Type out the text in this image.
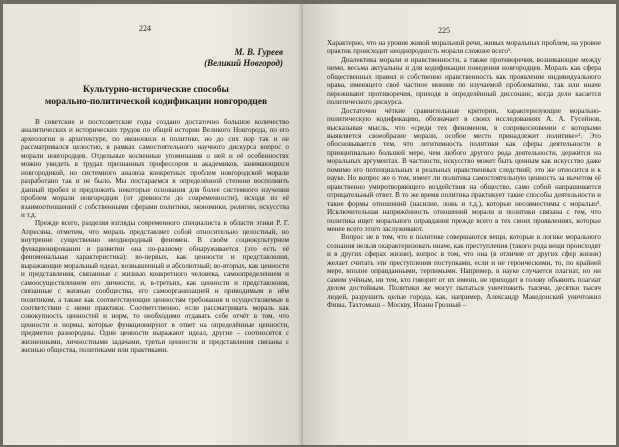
224
М. В. Гуреев
(Великий Новгород)
Культурно-исторические способы
морально-политической кодификации новгородцев

В советские и постсоветские годы создано достаточно большое количество аналитических и исторических трудов по общей истории Великого Новгорода, по его археологии и архитектуре, по иконописи и политике, но до сих пор так и не рассматривался целостно, в рамках самостоятельного научного дискурса вопрос о морали новгородцев. Отдельные косвенные упоминания о ней и её особенностях можно увидеть в трудах признанных профессоров и академиков, занимающихся новгородикой, но системного анализа конкретных проблем новгородской морали разработано так и не было. Мы постараемся в определённой степени восполнить данный пробел и предложить некоторые основания для более системного изучения проблем морали новгородцев (от древности до современности), исходя из её взаимоотношений с собственными сферами политики, экономики, религии, искусства и т.д.

Прежде всего, разделяя взгляды современного специалиста в области этики Р. Г. Апресяна, отметим, что мораль представляет собой относительно целостный, но внутренне существенно неоднородный феномен. В своём социокультурном функционировании и развитии она по-разному обнаруживается (это есть её феноменальная характеристика): во-первых, как ценности и представления, выражающие моральный идеал, возвышенный и абсолютный; во-вторых, как ценности и представления, связанные с жизнью конкретного человека, самоопределением и самоосуществлением его личности, и, в-третьих, как ценности и представления, связанные с жизнью сообщества, его самоорганизацией и приводимым в нём политиком, а также как соответствующие ценностям требования и осуществляемые в соответствии с ними практики. Соответственно, если рассматривать мораль как совокупность ценностей и норм, то необходимо отдавать себе отчёт в том, что ценности и нормы, которые функционируют в ответ на определённые ценности, предметно разнородны. Одни ценности выражают идеал, другие – соотносятся с жизненными, личностными задачами, третьи ценности и представления связаны с жизнью общества, политиками или практиками.

225

Характерно, что на уровне живой моральной речи, живых моральных проблем, на уровне практик происходит неоднородность морали сложнее всего¹.

Диалектика морали и нравственности, а также противоречия, возникающие между ними, весьма актуальны и для кодификации поведения новгородцев. Мораль как сфера общественных правил и собственно нравственность как проявление индивидуального нрава, имеющего своё частное мнение по изучаемой проблематике, так или иначе переживают противоречия, приходя в определённый диссонанс, когда дело касается политического дискурса.

Достаточно чёткие сравнительные критерии, характеризующие морально-политическую кодификацию, обозначает в своих исследованиях А. А. Гусейнов, высказывая мысль, что «среди тех феноменов, в соприкосновении с которыми выявляется своеобразие морали, особое место принадлежит политике»². Это обосновывается тем, что легитимность политики как сферы деятельности в принципиально большей мере, чем любого другого рода деятельности, держится на моральных аргументах. В частности, искусство может быть ценным как искусство даже помимо его потенциальных и реальных нравственных следствий; это же относится и к науке. Но вопрос же о том, имеет ли политика самостоятельную ценность за вычетом её нравственно умиротворяющего воздействия на общество, само собой напрашивается отрицательный ответ. В то же время политика практикует такие способы деятельности и такие формы отношений (насилие, ложь и т.д.), которые несовместимы с моралью³. Исключительная напряжённость отношений морали и политики связана с тем, что политика ищет морального оправдания прежде всего в тех своих проявлениях, которые менее всего этого заслуживают.

Вопрос не в том, что в политике совершаются вещи, которые в логике морального сознания нельзя охарактеризовать иначе, как преступления (такого рода вещи происходят и в других сферах жизни), вопрос в том, что она (в отличие от других сфер жизни) желает считать эти преступления поступками, если и не героическими, то, по крайней мере, вполне оправданными, терпимыми. Например, в науке случается плагиат, но ни самим учёным, ни тем, кто говорит от их имени, не приходит в голову объявить плагиат делом достойным. Политики же могут пытаться уничтожить тысячи, десятки тысяч людей, разрушить целые города, как, например, Александр Македонский уничтожил Фивы, Тахтомыш – Москву, Иоанн Грозный –
